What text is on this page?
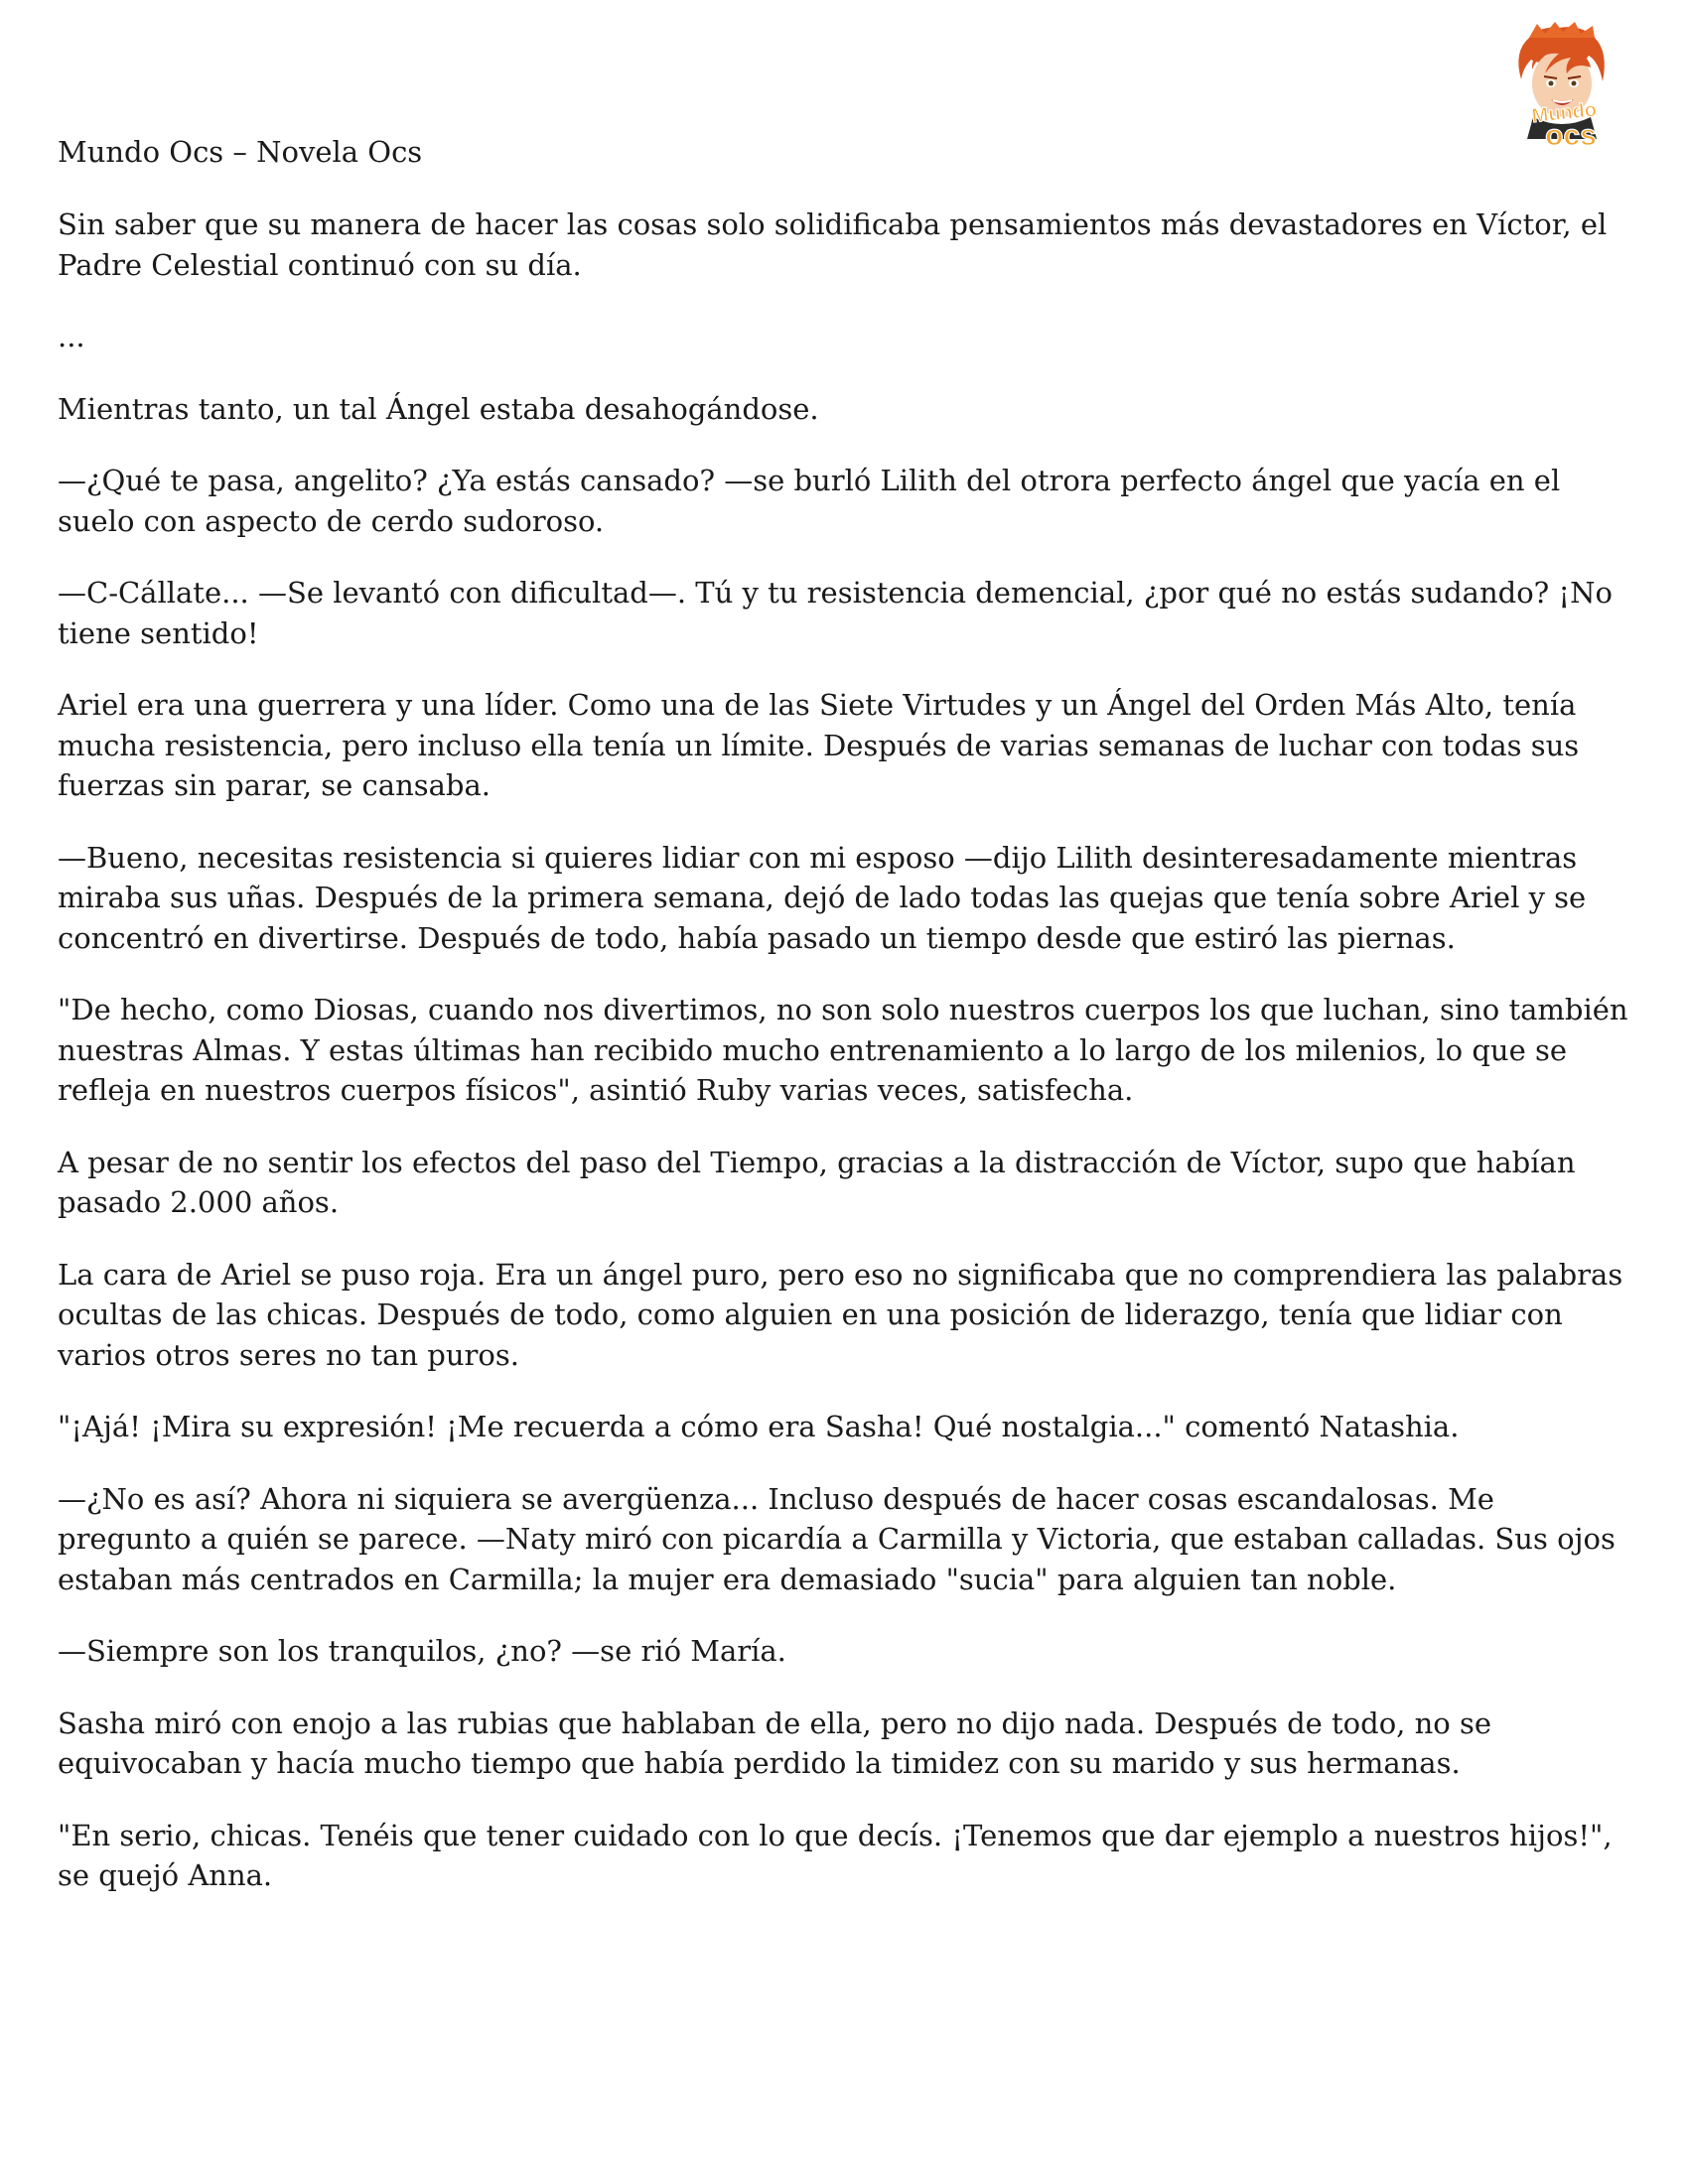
Mundo
ocs
Mundo Ocs – Novela Ocs

Sin saber que su manera de hacer las cosas solo solidificaba pensamientos más devastadores en Víctor, el Padre Celestial continuó con su día.

...

Mientras tanto, un tal Ángel estaba desahogándose.

—¿Qué te pasa, angelito? ¿Ya estás cansado? —se burló Lilith del otrora perfecto ángel que yacía en el suelo con aspecto de cerdo sudoroso.

—C-Cállate... —Se levantó con dificultad—. Tú y tu resistencia demencial, ¿por qué no estás sudando? ¡No tiene sentido!

Ariel era una guerrera y una líder. Como una de las Siete Virtudes y un Ángel del Orden Más Alto, tenía mucha resistencia, pero incluso ella tenía un límite. Después de varias semanas de luchar con todas sus fuerzas sin parar, se cansaba.

—Bueno, necesitas resistencia si quieres lidiar con mi esposo —dijo Lilith desinteresadamente mientras miraba sus uñas. Después de la primera semana, dejó de lado todas las quejas que tenía sobre Ariel y se concentró en divertirse. Después de todo, había pasado un tiempo desde que estiró las piernas.

"De hecho, como Diosas, cuando nos divertimos, no son solo nuestros cuerpos los que luchan, sino también nuestras Almas. Y estas últimas han recibido mucho entrenamiento a lo largo de los milenios, lo que se refleja en nuestros cuerpos físicos", asintió Ruby varias veces, satisfecha.

A pesar de no sentir los efectos del paso del Tiempo, gracias a la distracción de Víctor, supo que habían pasado 2.000 años.

La cara de Ariel se puso roja. Era un ángel puro, pero eso no significaba que no comprendiera las palabras ocultas de las chicas. Después de todo, como alguien en una posición de liderazgo, tenía que lidiar con varios otros seres no tan puros.

"¡Ajá! ¡Mira su expresión! ¡Me recuerda a cómo era Sasha! Qué nostalgia..." comentó Natashia.

—¿No es así? Ahora ni siquiera se avergüenza... Incluso después de hacer cosas escandalosas. Me pregunto a quién se parece. —Naty miró con picardía a Carmilla y Victoria, que estaban calladas. Sus ojos estaban más centrados en Carmilla; la mujer era demasiado "sucia" para alguien tan noble.

—Siempre son los tranquilos, ¿no? —se rió María.

Sasha miró con enojo a las rubias que hablaban de ella, pero no dijo nada. Después de todo, no se equivocaban y hacía mucho tiempo que había perdido la timidez con su marido y sus hermanas.

"En serio, chicas. Tenéis que tener cuidado con lo que decís. ¡Tenemos que dar ejemplo a nuestros hijos!", se quejó Anna.
